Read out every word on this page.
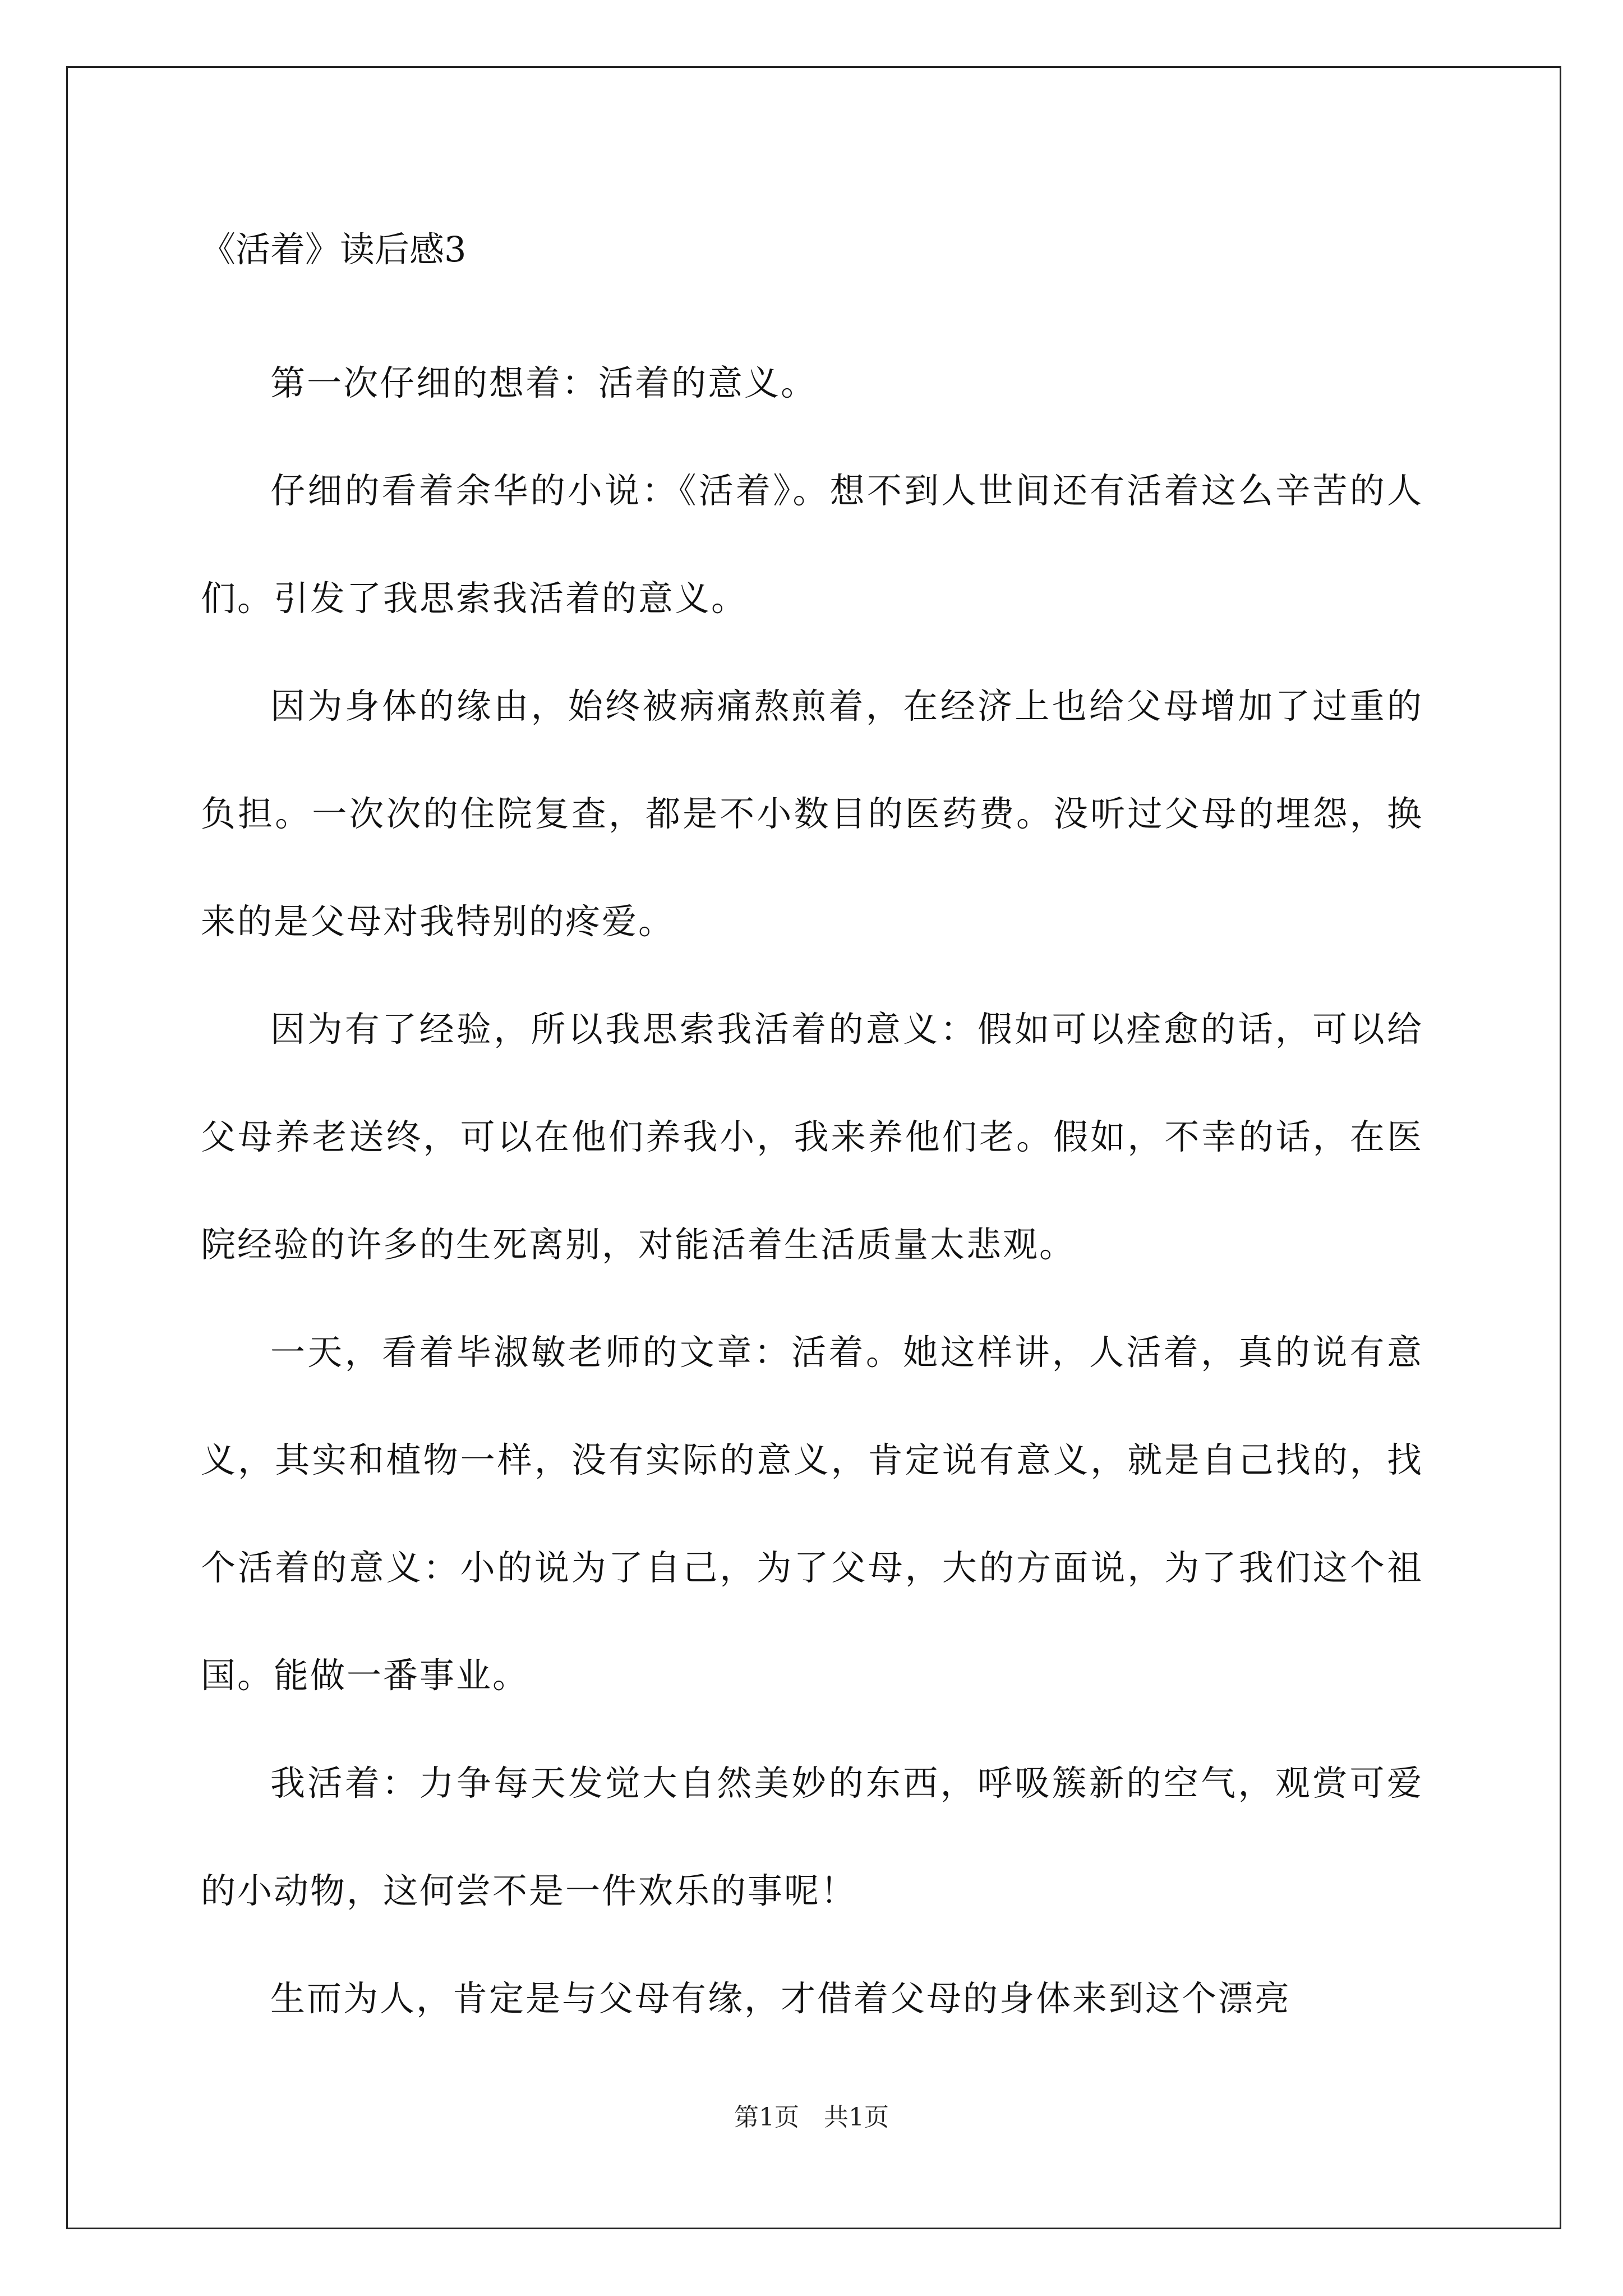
《活着》读后感3

第一次仔细的想着：活着的意义。

仔细的看着余华的小说：《活着》。想不到人世间还有活着这么辛苦的人们。引发了我思索我活着的意义。

因为身体的缘由，始终被病痛熬煎着，在经济上也给父母增加了过重的负担。一次次的住院复查，都是不小数目的医药费。没听过父母的埋怨，换来的是父母对我特别的疼爱。

因为有了经验，所以我思索我活着的意义：假如可以痊愈的话，可以给父母养老送终，可以在他们养我小，我来养他们老。假如，不幸的话，在医院经验的许多的生死离别，对能活着生活质量太悲观。

一天，看着毕淑敏老师的文章：活着。她这样讲，人活着，真的说有意义，其实和植物一样，没有实际的意义，肯定说有意义，就是自己找的，找个活着的意义：小的说为了自己，为了父母，大的方面说，为了我们这个祖国。能做一番事业。

我活着：力争每天发觉大自然美妙的东西，呼吸簇新的空气，观赏可爱的小动物，这何尝不是一件欢乐的事呢！

生而为人，肯定是与父母有缘，才借着父母的身体来到这个漂亮

第1页　共1页
